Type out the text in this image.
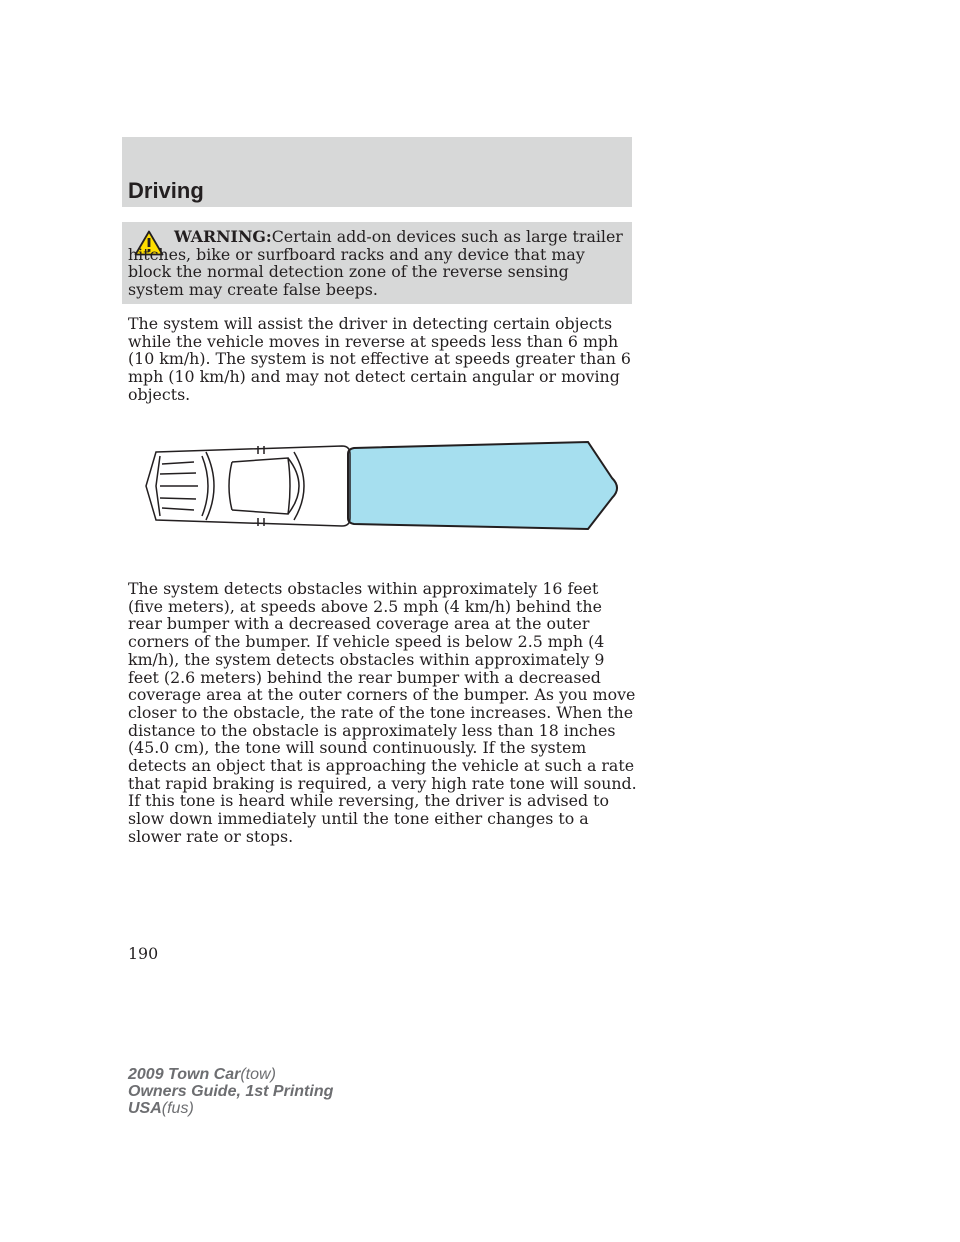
Driving

WARNING:Certain add-on devices such as large trailer hitches, bike or surfboard racks and any device that may block the normal detection zone of the reverse sensing system may create false beeps.

The system will assist the driver in detecting certain objects while the vehicle moves in reverse at speeds less than 6 mph (10 km/h). The system is not effective at speeds greater than 6 mph (10 km/h) and may not detect certain angular or moving objects.

The system detects obstacles within approximately 16 feet (five meters), at speeds above 2.5 mph (4 km/h) behind the rear bumper with a decreased coverage area at the outer corners of the bumper. If vehicle speed is below 2.5 mph (4 km/h), the system detects obstacles within approximately 9 feet (2.6 meters) behind the rear bumper with a decreased coverage area at the outer corners of the bumper. As you move closer to the obstacle, the rate of the tone increases. When the distance to the obstacle is approximately less than 18 inches (45.0 cm), the tone will sound continuously. If the system detects an object that is approaching the vehicle at such a rate that rapid braking is required, a very high rate tone will sound. If this tone is heard while reversing, the driver is advised to slow down immediately until the tone either changes to a slower rate or stops.

190

2009 Town Car(tow)
Owners Guide, 1st Printing
USA(fus)
